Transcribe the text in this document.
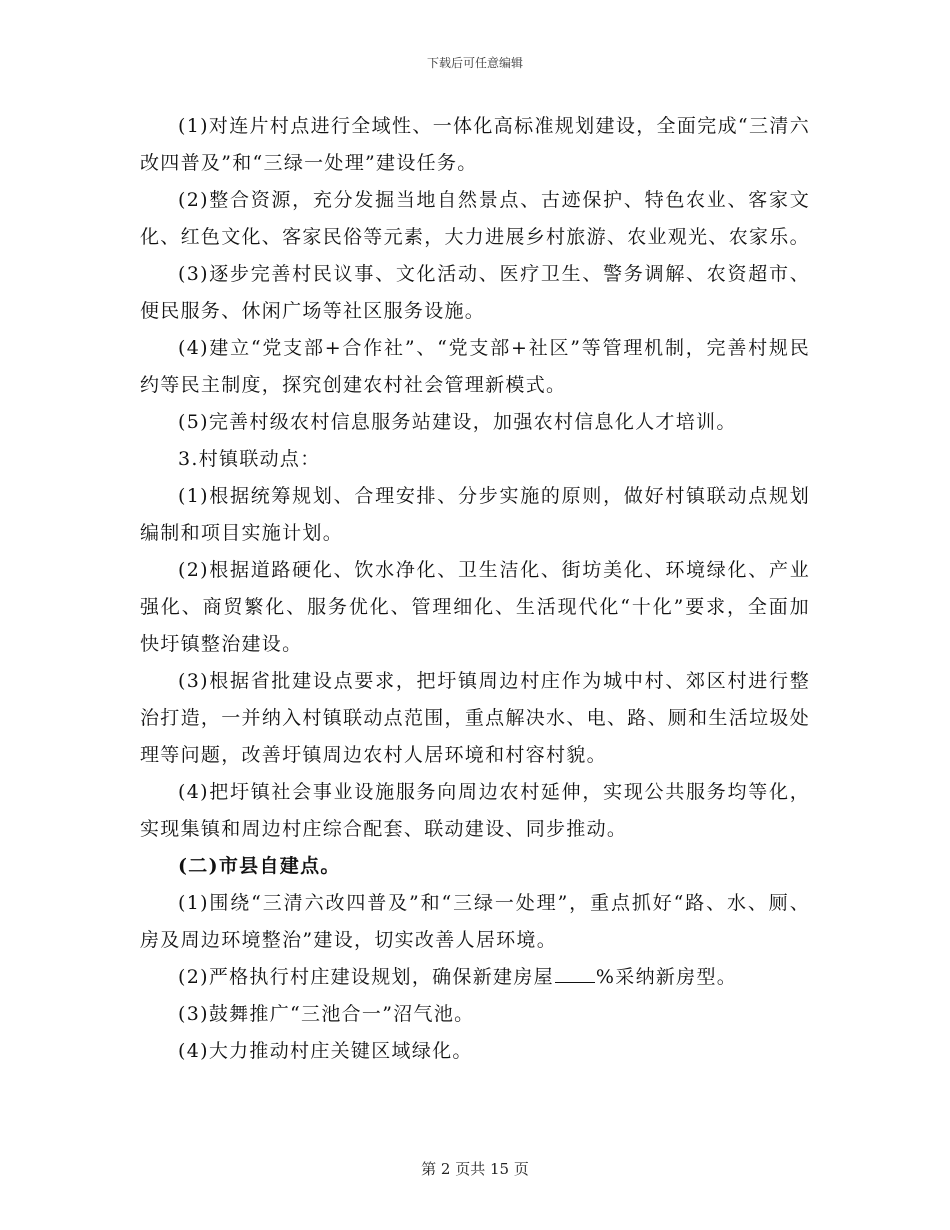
下载后可任意编辑

(1)对连片村点进行全域性、一体化高标准规划建设，全面完成“三清六改四普及”和“三绿一处理”建设任务。

(2)整合资源，充分发掘当地自然景点、古迹保护、特色农业、客家文化、红色文化、客家民俗等元素，大力进展乡村旅游、农业观光、农家乐。

(3)逐步完善村民议事、文化活动、医疗卫生、警务调解、农资超市、便民服务、休闲广场等社区服务设施。

(4)建立“党支部+合作社”、“党支部+社区”等管理机制，完善村规民约等民主制度，探究创建农村社会管理新模式。

(5)完善村级农村信息服务站建设，加强农村信息化人才培训。

3.村镇联动点：

(1)根据统筹规划、合理安排、分步实施的原则，做好村镇联动点规划编制和项目实施计划。

(2)根据道路硬化、饮水净化、卫生洁化、街坊美化、环境绿化、产业强化、商贸繁化、服务优化、管理细化、生活现代化“十化”要求，全面加快圩镇整治建设。

(3)根据省批建设点要求，把圩镇周边村庄作为城中村、郊区村进行整治打造，一并纳入村镇联动点范围，重点解决水、电、路、厕和生活垃圾处理等问题，改善圩镇周边农村人居环境和村容村貌。

(4)把圩镇社会事业设施服务向周边农村延伸，实现公共服务均等化，实现集镇和周边村庄综合配套、联动建设、同步推动。

(二)市县自建点。

(1)围绕“三清六改四普及”和“三绿一处理”，重点抓好“路、水、厕、房及周边环境整治”建设，切实改善人居环境。

(2)严格执行村庄建设规划，确保新建房屋 %采纳新房型。

(3)鼓舞推广“三池合一”沼气池。

(4)大力推动村庄关键区域绿化。

第 2 页共 15 页
